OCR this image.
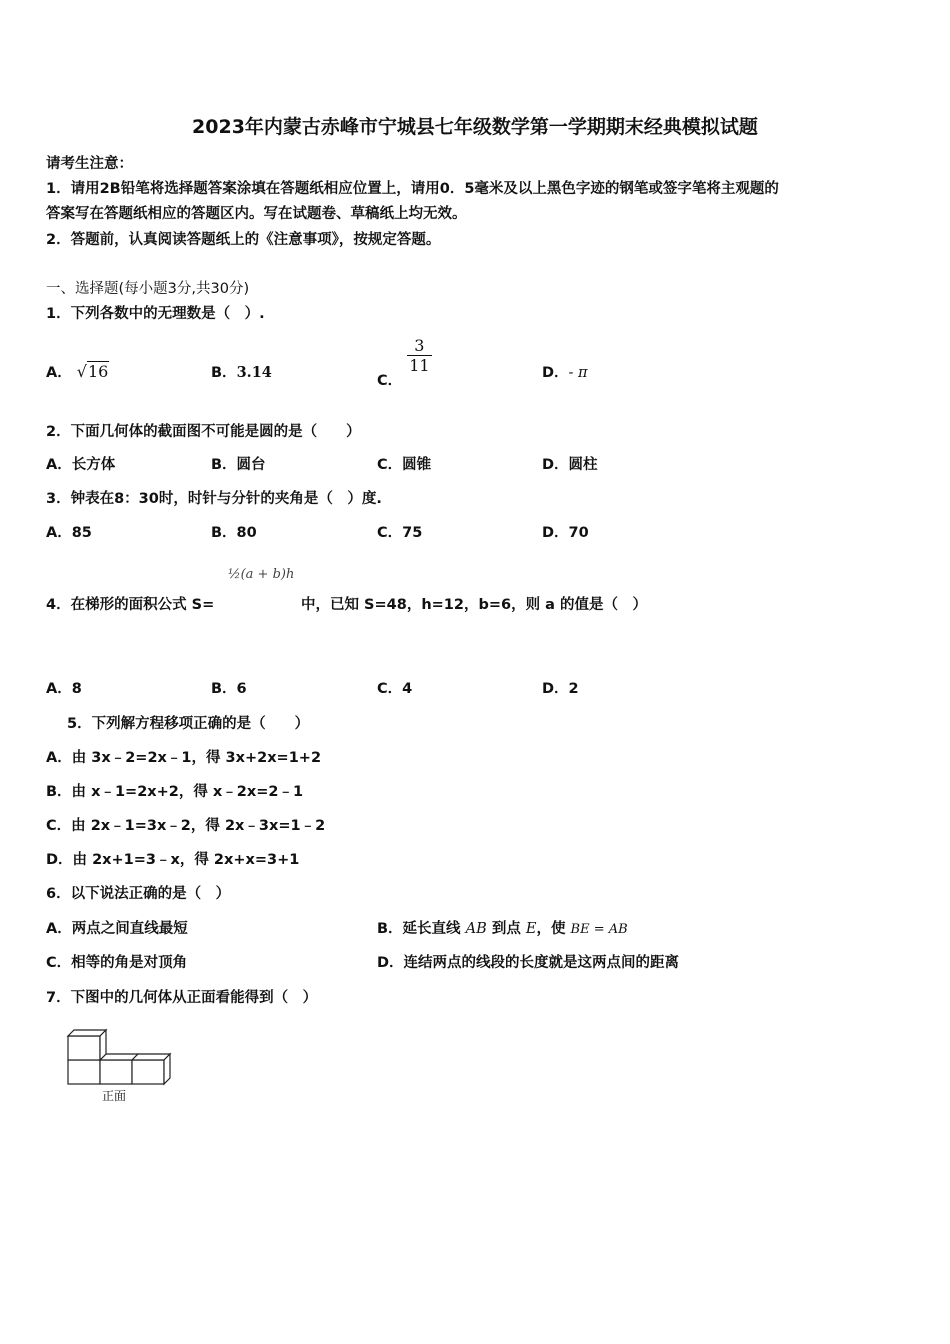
2023年内蒙古赤峰市宁城县七年级数学第一学期期末经典模拟试题
请考生注意：
1．请用2B铅笔将选择题答案涂填在答题纸相应位置上，请用0．5毫米及以上黑色字迹的钢笔或签字笔将主观题的
答案写在答题纸相应的答题区内。写在试题卷、草稿纸上均无效。
2．答题前，认真阅读答题纸上的《注意事项》，按规定答题。
一、选择题(每小题3分,共30分)
1．下列各数中的无理数是（　）.
A． √16	B．3.14	C．
$\frac{3}{11}$	D．- π
2．下面几何体的截面图不可能是圆的是（　　）
A．长方体	B．圆台	C．圆锥	D．圆柱
3．钟表在8：30时，时针与分针的夹角是（　）度.
A．85	B．80	C．75	D．70
½(a + b)h
4．在梯形的面积公式 S=	中，已知 S=48，h=12，b=6，则 a 的值是（　）
A．8	B．6	C．4	D．2
5．下列解方程移项正确的是（　　）
A．由 3x﹣2=2x﹣1，得 3x+2x=1+2
B．由 x﹣1=2x+2，得 x﹣2x=2﹣1
C．由 2x﹣1=3x﹣2，得 2x﹣3x=1﹣2
D．由 2x+1=3﹣x，得 2x+x=3+1
6．以下说法正确的是（　）
A．两点之间直线最短	B．延长直线 AB 到点 E，使 BE = AB
C．相等的角是对顶角	D．连结两点的线段的长度就是这两点间的距离
7．下图中的几何体从正面看能得到（　）
正面
